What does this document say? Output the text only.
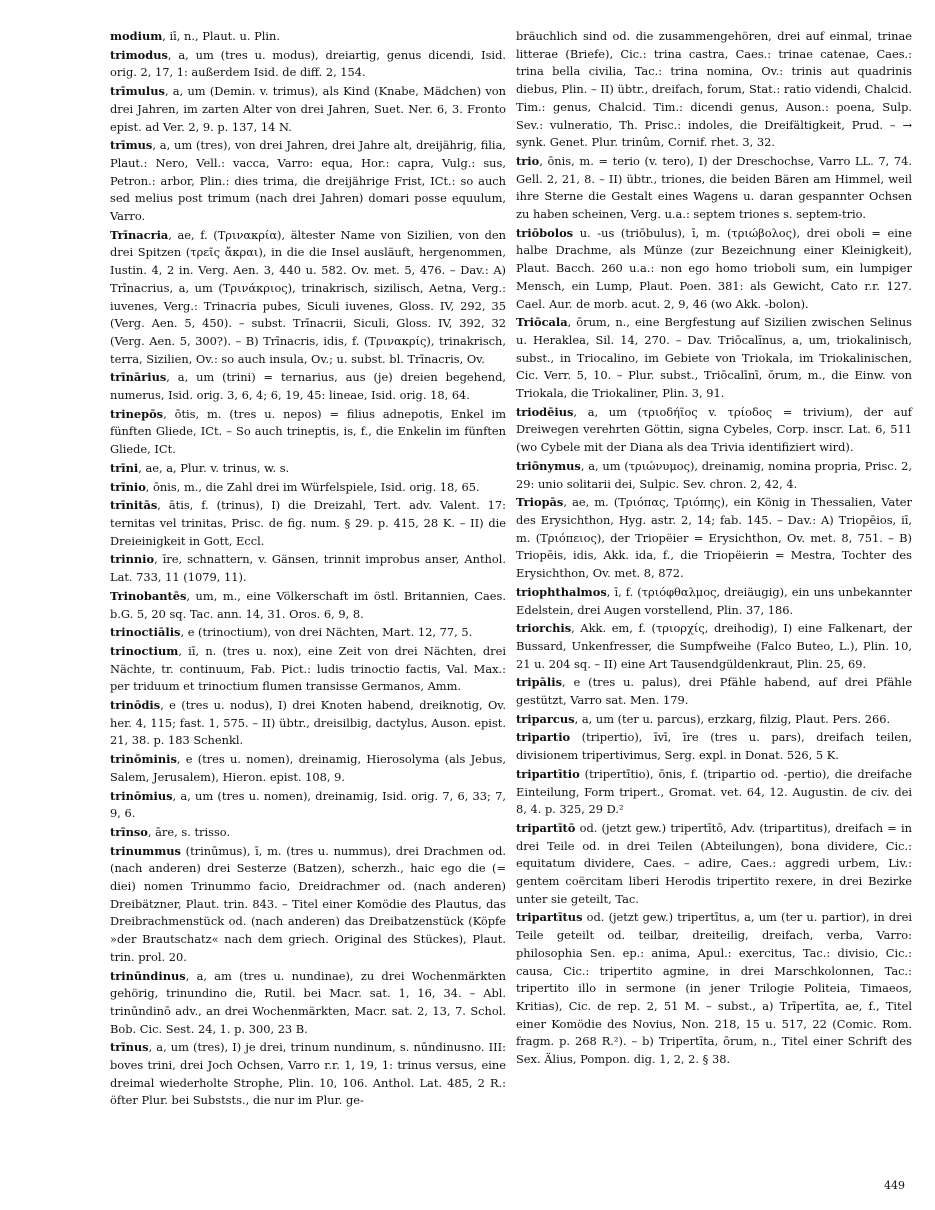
modium, iī, n., Plaut. u. Plin.

trimodus, a, um (tres u. modus), dreiartig, genus dicendi, Isid. orig. 2, 17, 1: außerdem Isid. de diff. 2, 154.

trīmulus, a, um (Demin. v. trimus), als Kind (Knabe, Mädchen) von drei Jahren, im zarten Alter von drei Jahren, Suet. Ner. 6, 3. Fronto epist. ad Ver. 2, 9. p. 137, 14 N.

trīmus, a, um (tres), von drei Jahren, drei Jahre alt, dreijährig, filia, Plaut.: Nero, Vell.: vacca, Varro: equa, Hor.: capra, Vulg.: sus, Petron.: arbor, Plin.: dies trima, die dreijährige Frist, ICt.: so auch sed melius post trimum (nach drei Jahren) domari posse equulum, Varro.

Trīnacria, ae, f. (Τρινακρία), ältester Name von Sizilien, von den drei Spitzen (τρεῖς ἄκραι), in die die Insel ausläuft, hergenommen, Iustin. 4, 2 in. Verg. Aen. 3, 440 u. 582. Ov. met. 5, 476. – Dav.: A) Trīnacrius, a, um (Τρινάκριος), trinakrisch, sizilisch, Aetna, Verg.: iuvenes, Verg.: Trinacria pubes, Siculi iuvenes, Gloss. IV, 292, 35 (Verg. Aen. 5, 450). – subst. Trīnacrii, Siculi, Gloss. IV, 392, 32 (Verg. Aen. 5, 300?). – B) Trīnacris, idis, f. (Τρινακρίς), trinakrisch, terra, Sizilien, Ov.: so auch insula, Ov.; u. subst. bl. Trīnacris, Ov.

trīnārius, a, um (trini) = ternarius, aus (je) dreien begehend, numerus, Isid. orig. 3, 6, 4; 6, 19, 45: lineae, Isid. orig. 18, 64.

trinepōs, ōtis, m. (tres u. nepos) = filius adnepotis, Enkel im fünften Gliede, ICt. – So auch trineptis, is, f., die Enkelin im fünften Gliede, ICt.

trīni, ae, a, Plur. v. trinus, w. s.

trīnio, ōnis, m., die Zahl drei im Würfelspiele, Isid. orig. 18, 65.

trīnitās, ātis, f. (trinus), I) die Dreizahl, Tert. adv. Valent. 17: ternitas vel trinitas, Prisc. de fig. num. § 29. p. 415, 28 K. – II) die Dreieinigkeit in Gott, Eccl.

trinnio, īre, schnattern, v. Gänsen, trinnit improbus anser, Anthol. Lat. 733, 11 (1079, 11).

Trinobantēs, um, m., eine Völkerschaft im östl. Britannien, Caes. b.G. 5, 20 sq. Tac. ann. 14, 31. Oros. 6, 9, 8.

trinoctiālis, e (trinoctium), von drei Nächten, Mart. 12, 77, 5.

trinoctium, iī, n. (tres u. nox), eine Zeit von drei Nächten, drei Nächte, tr. continuum, Fab. Pict.: ludis trinoctio factis, Val. Max.: per triduum et trinoctium flumen transisse Germanos, Amm.

trinōdis, e (tres u. nodus), I) drei Knoten habend, dreiknotig, Ov. her. 4, 115; fast. 1, 575. – II) übtr., dreisilbig, dactylus, Auson. epist. 21, 38. p. 183 Schenkl.

trinōminis, e (tres u. nomen), dreinamig, Hierosolyma (als Jebus, Salem, Jerusalem), Hieron. epist. 108, 9.

trinōmius, a, um (tres u. nomen), dreinamig, Isid. orig. 7, 6, 33; 7, 9, 6.

trīnso, āre, s. trisso.

trinummus (trinūmus), ī, m. (tres u. nummus), drei Drachmen od. (nach anderen) drei Sesterze (Batzen), scherzh., haic ego die (= diei) nomen Trinummo facio, Dreidrachmer od. (nach anderen) Dreibätzner, Plaut. trin. 843. – Titel einer Komödie des Plautus, das Dreibrachmenstück od. (nach anderen) das Dreibatzenstück (Köpfe »der Brautschatz« nach dem griech. Original des Stückes), Plaut. trin. prol. 20.

trinūndinus, a, am (tres u. nundinae), zu drei Wochenmärkten gehörig, trinundino die, Rutil. bei Macr. sat. 1, 16, 34. – Abl. trinūndinō adv., an drei Wochenmärkten, Macr. sat. 2, 13, 7. Schol. Bob. Cic. Sest. 24, 1. p. 300, 23 B.

trīnus, a, um (tres), I) je drei, trinum nundinum, s. nūndinusno. III: boves trini, drei Joch Ochsen, Varro r.r. 1, 19, 1: trinus versus, eine dreimal wiederholte Strophe, Plin. 10, 106. Anthol. Lat. 485, 2 R.: öfter Plur. bei Subststs., die nur im Plur. ge-

bräuchlich sind od. die zusammengehören, drei auf einmal, trinae litterae (Briefe), Cic.: trina castra, Caes.: trinae catenae, Caes.: trina bella civilia, Tac.: trina nomina, Ov.: trinis aut quadrinis diebus, Plin. – II) übtr., dreifach, forum, Stat.: ratio videndi, Chalcid. Tim.: genus, Chalcid. Tim.: dicendi genus, Auson.: poena, Sulp. Sev.: vulneratio, Th. Prisc.: indoles, die Dreifältigkeit, Prud. – → synk. Genet. Plur. trinûm, Cornif. rhet. 3, 32.

trio, ōnis, m. = terio (v. tero), I) der Dreschochse, Varro LL. 7, 74. Gell. 2, 21, 8. – II) übtr., triones, die beiden Bären am Himmel, weil ihre Sterne die Gestalt eines Wagens u. daran gespannter Ochsen zu haben scheinen, Verg. u.a.: septem triones s. septem-trio.

triōbolos u. -us (triōbulus), ī, m. (τριώβολος), drei oboli = eine halbe Drachme, als Münze (zur Bezeichnung einer Kleinigkeit), Plaut. Bacch. 260 u.a.: non ego homo trioboli sum, ein lumpiger Mensch, ein Lump, Plaut. Poen. 381: als Gewicht, Cato r.r. 127. Cael. Aur. de morb. acut. 2, 9, 46 (wo Akk. -bolon).

Triōcala, ōrum, n., eine Bergfestung auf Sizilien zwischen Selinus u. Heraklea, Sil. 14, 270. – Dav. Triōcalīnus, a, um, triokalinisch, subst., in Triocalino, im Gebiete von Triokala, im Triokalinischen, Cic. Verr. 5, 10. – Plur. subst., Triōcalīnī, ōrum, m., die Einw. von Triokala, die Triokaliner, Plin. 3, 91.

triodēius, a, um (τριοδήῖος v. τρίοδος = trivium), der auf Dreiwegen verehrten Göttin, signa Cybeles, Corp. inscr. Lat. 6, 511 (wo Cybele mit der Diana als dea Trivia identifiziert wird).

triōnymus, a, um (τριώνυμος), dreinamig, nomina propria, Prisc. 2, 29: unio solitarii dei, Sulpic. Sev. chron. 2, 42, 4.

Triopās, ae, m. (Τριόπας, Τριόπης), ein König in Thessalien, Vater des Erysichthon, Hyg. astr. 2, 14; fab. 145. – Dav.: A) Triopēios, iī, m. (Τριόπειος), der Triopëier = Erysichthon, Ov. met. 8, 751. – B) Triopēis, idis, Akk. ida, f., die Triopëierin = Mestra, Tochter des Erysichthon, Ov. met. 8, 872.

triophthalmos, ī, f. (τριόφθαλμος, dreiäugig), ein uns unbekannter Edelstein, drei Augen vorstellend, Plin. 37, 186.

triorchis, Akk. em, f. (τριορχίς, dreihodig), I) eine Falkenart, der Bussard, Unkenfresser, die Sumpfweihe (Falco Buteo, L.), Plin. 10, 21 u. 204 sq. – II) eine Art Tausendgüldenkraut, Plin. 25, 69.

tripālis, e (tres u. palus), drei Pfähle habend, auf drei Pfähle gestützt, Varro sat. Men. 179.

triparcus, a, um (ter u. parcus), erzkarg, filzig, Plaut. Pers. 266.

tripartio (tripertio), īvī, īre (tres u. pars), dreifach teilen, divisionem tripertivimus, Serg. expl. in Donat. 526, 5 K.

tripartītio (tripertītio), ōnis, f. (tripartio od. -pertio), die dreifache Einteilung, Form tripert., Gromat. vet. 64, 12. Augustin. de civ. dei 8, 4. p. 325, 29 D.²

tripartītō od. (jetzt gew.) tripertītō, Adv. (tripartitus), dreifach = in drei Teile od. in drei Teilen (Abteilungen), bona dividere, Cic.: equitatum dividere, Caes. – adire, Caes.: aggredi urbem, Liv.: gentem coërcitam liberi Herodis tripertito rexere, in drei Bezirke unter sie geteilt, Tac.

tripartītus od. (jetzt gew.) tripertītus, a, um (ter u. partior), in drei Teile geteilt od. teilbar, dreiteilig, dreifach, verba, Varro: philosophia Sen. ep.: anima, Apul.: exercitus, Tac.: divisio, Cic.: causa, Cic.: tripertito agmine, in drei Marschkolonnen, Tac.: tripertito illo in sermone (in jener Trilogie Politeia, Timaeos, Kritias), Cic. de rep. 2, 51 M. – subst., a) Trīpertīta, ae, f., Titel einer Komödie des Novius, Non. 218, 15 u. 517, 22 (Comic. Rom. fragm. p. 268 R.²). – b) Tripertīta, ōrum, n., Titel einer Schrift des Sex. Älius, Pompon. dig. 1, 2, 2. § 38.

449
